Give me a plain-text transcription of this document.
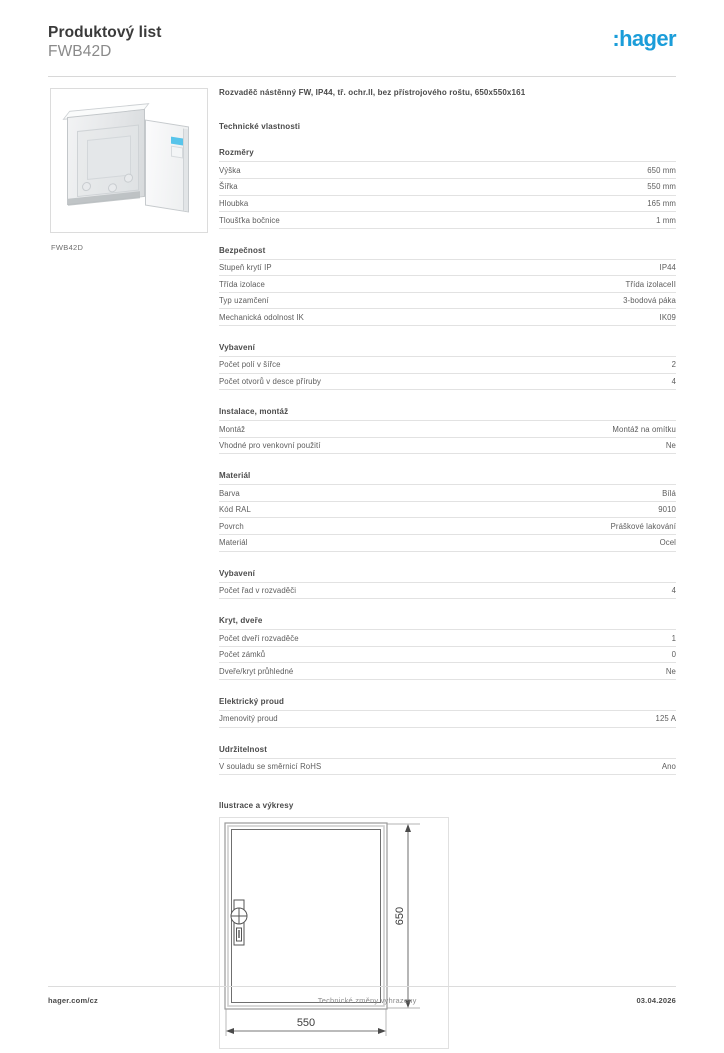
Produktový list
FWB42D
:hager
FWB42D
Rozvaděč nástěnný FW, IP44, tř. ochr.II, bez přístrojového roštu, 650x550x161
Technické vlastnosti
Rozměry
Výška	650 mm
Šířka	550 mm
Hloubka	165 mm
Tloušťka bočnice	1 mm
Bezpečnost
Stupeň krytí IP	IP44
Třída izolace	Třída izolaceII
Typ uzamčení	3-bodová páka
Mechanická odolnost IK	IK09
Vybavení
Počet polí v šířce	2
Počet otvorů v desce příruby	4
Instalace, montáž
Montáž	Montáž na omítku
Vhodné pro venkovní použití	Ne
Materiál
Barva	Bílá
Kód RAL	9010
Povrch	Práškové lakování
Materiál	Ocel
Vybavení
Počet řad v rozvaděči	4
Kryt, dveře
Počet dveří rozvaděče	1
Počet zámků	0
Dveře/kryt průhledné	Ne
Elektrický proud
Jmenovitý proud	125 A
Udržitelnost
V souladu se směrnicí RoHS	Ano
Ilustrace a výkresy
650
550
hager.com/cz	Technické změny vyhrazeny	03.04.2026
